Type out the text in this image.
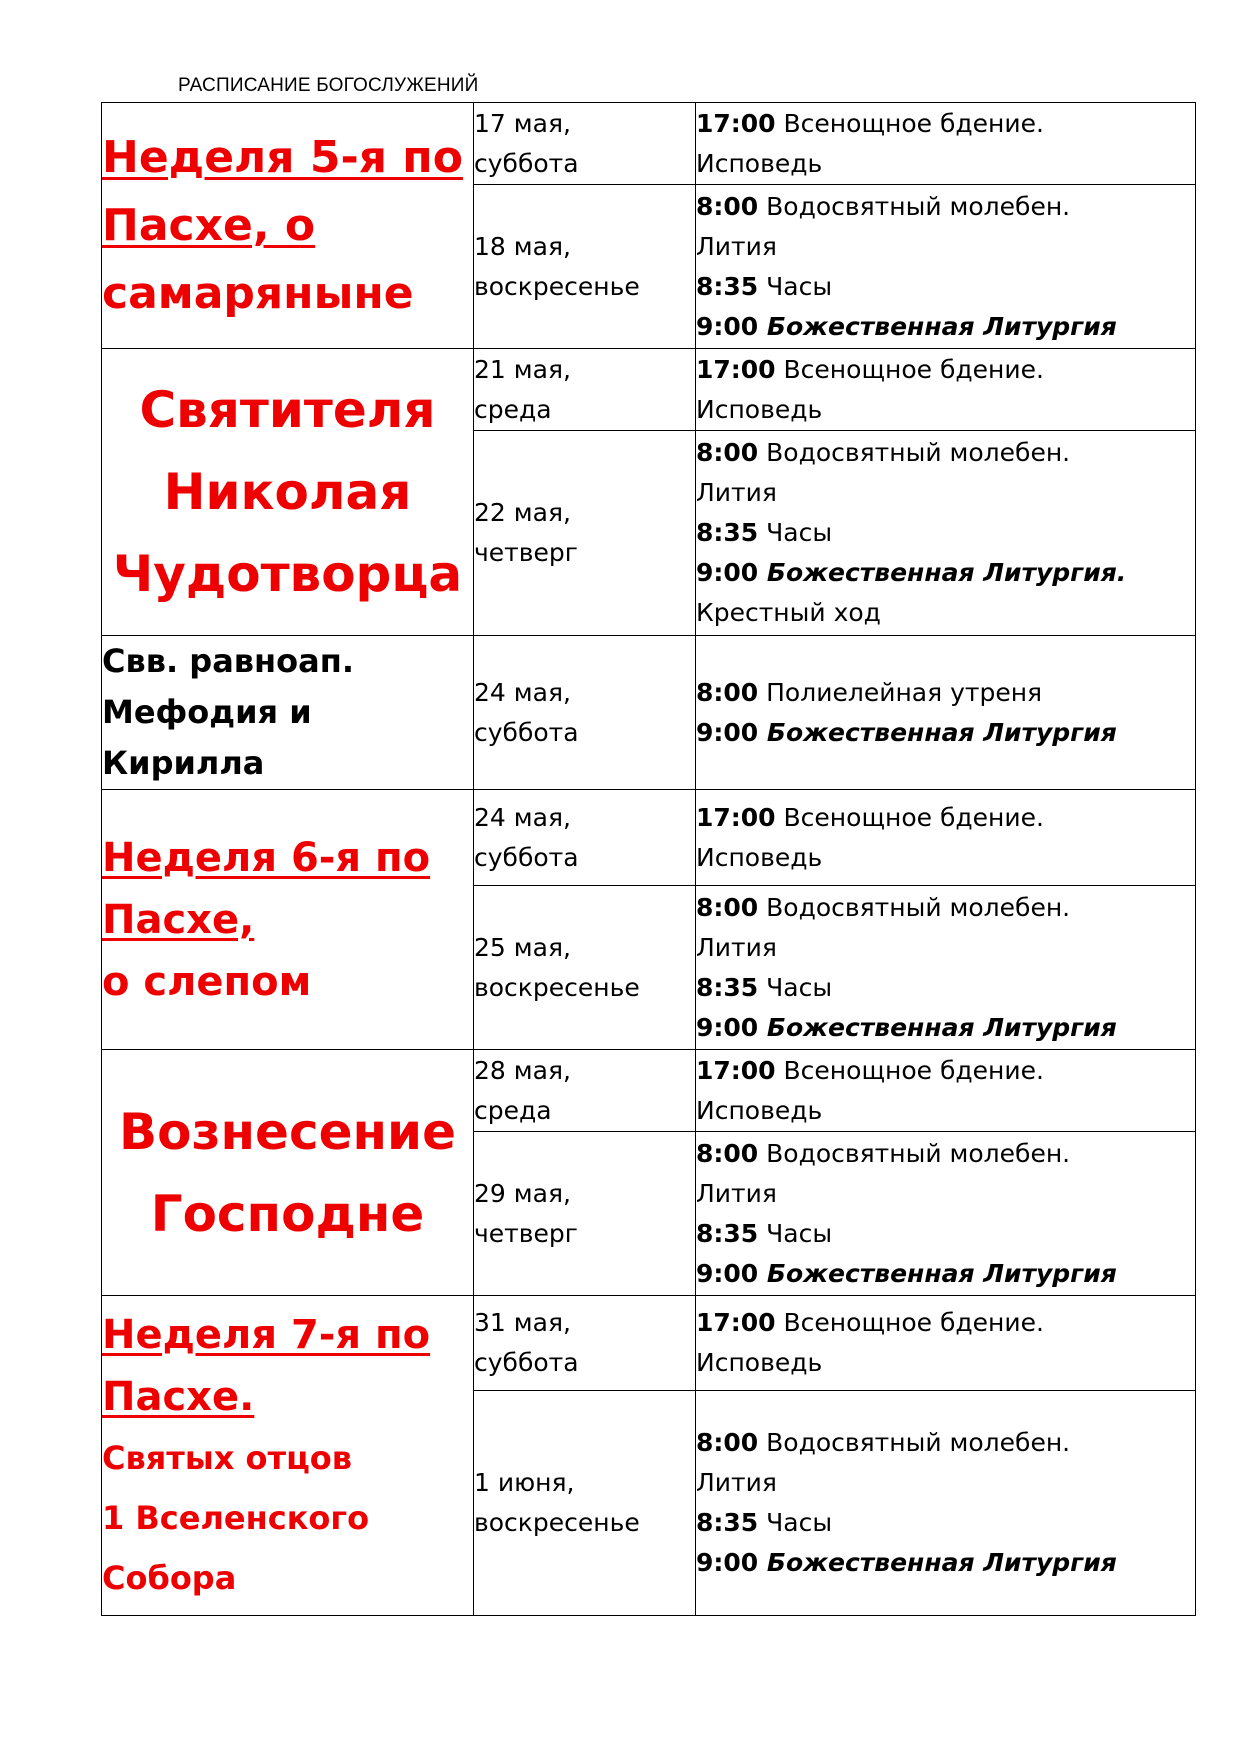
РАСПИСАНИЕ БОГОСЛУЖЕНИЙ
Неделя 5-я по
Пасхе, о
самаряныне	17 мая,
суббота	17:00 Всенощное бдение.
Исповедь

	18 мая,
воскресенье	8:00 Водосвятный молебен.
Лития
8:35 Часы
9:00 Божественная Литургия

Святителя
Николая
Чудотворца	21 мая,
среда	17:00 Всенощное бдение.
Исповедь

	22 мая,
четверг	8:00 Водосвятный молебен.
Лития
8:35 Часы
9:00 Божественная Литургия.
Крестный ход

Свв. равноап.
Мефодия и
Кирилла	24 мая,
суббота	8:00 Полиелейная утреня
9:00 Божественная Литургия

Неделя 6-я по
Пасхе,
о слепом	24 мая,
суббота	17:00 Всенощное бдение.
Исповедь

	25 мая,
воскресенье	8:00 Водосвятный молебен.
Лития
8:35 Часы
9:00 Божественная Литургия

Вознесение
Господне	28 мая,
среда	17:00 Всенощное бдение.
Исповедь

	29 мая,
четверг	8:00 Водосвятный молебен.
Лития
8:35 Часы
9:00 Божественная Литургия

Неделя 7-я по
Пасхе.
Святых отцов
1 Вселенского
Собора	31 мая,
суббота	17:00 Всенощное бдение.
Исповедь

	1 июня,
воскресенье	8:00 Водосвятный молебен.
Лития
8:35 Часы
9:00 Божественная Литургия
